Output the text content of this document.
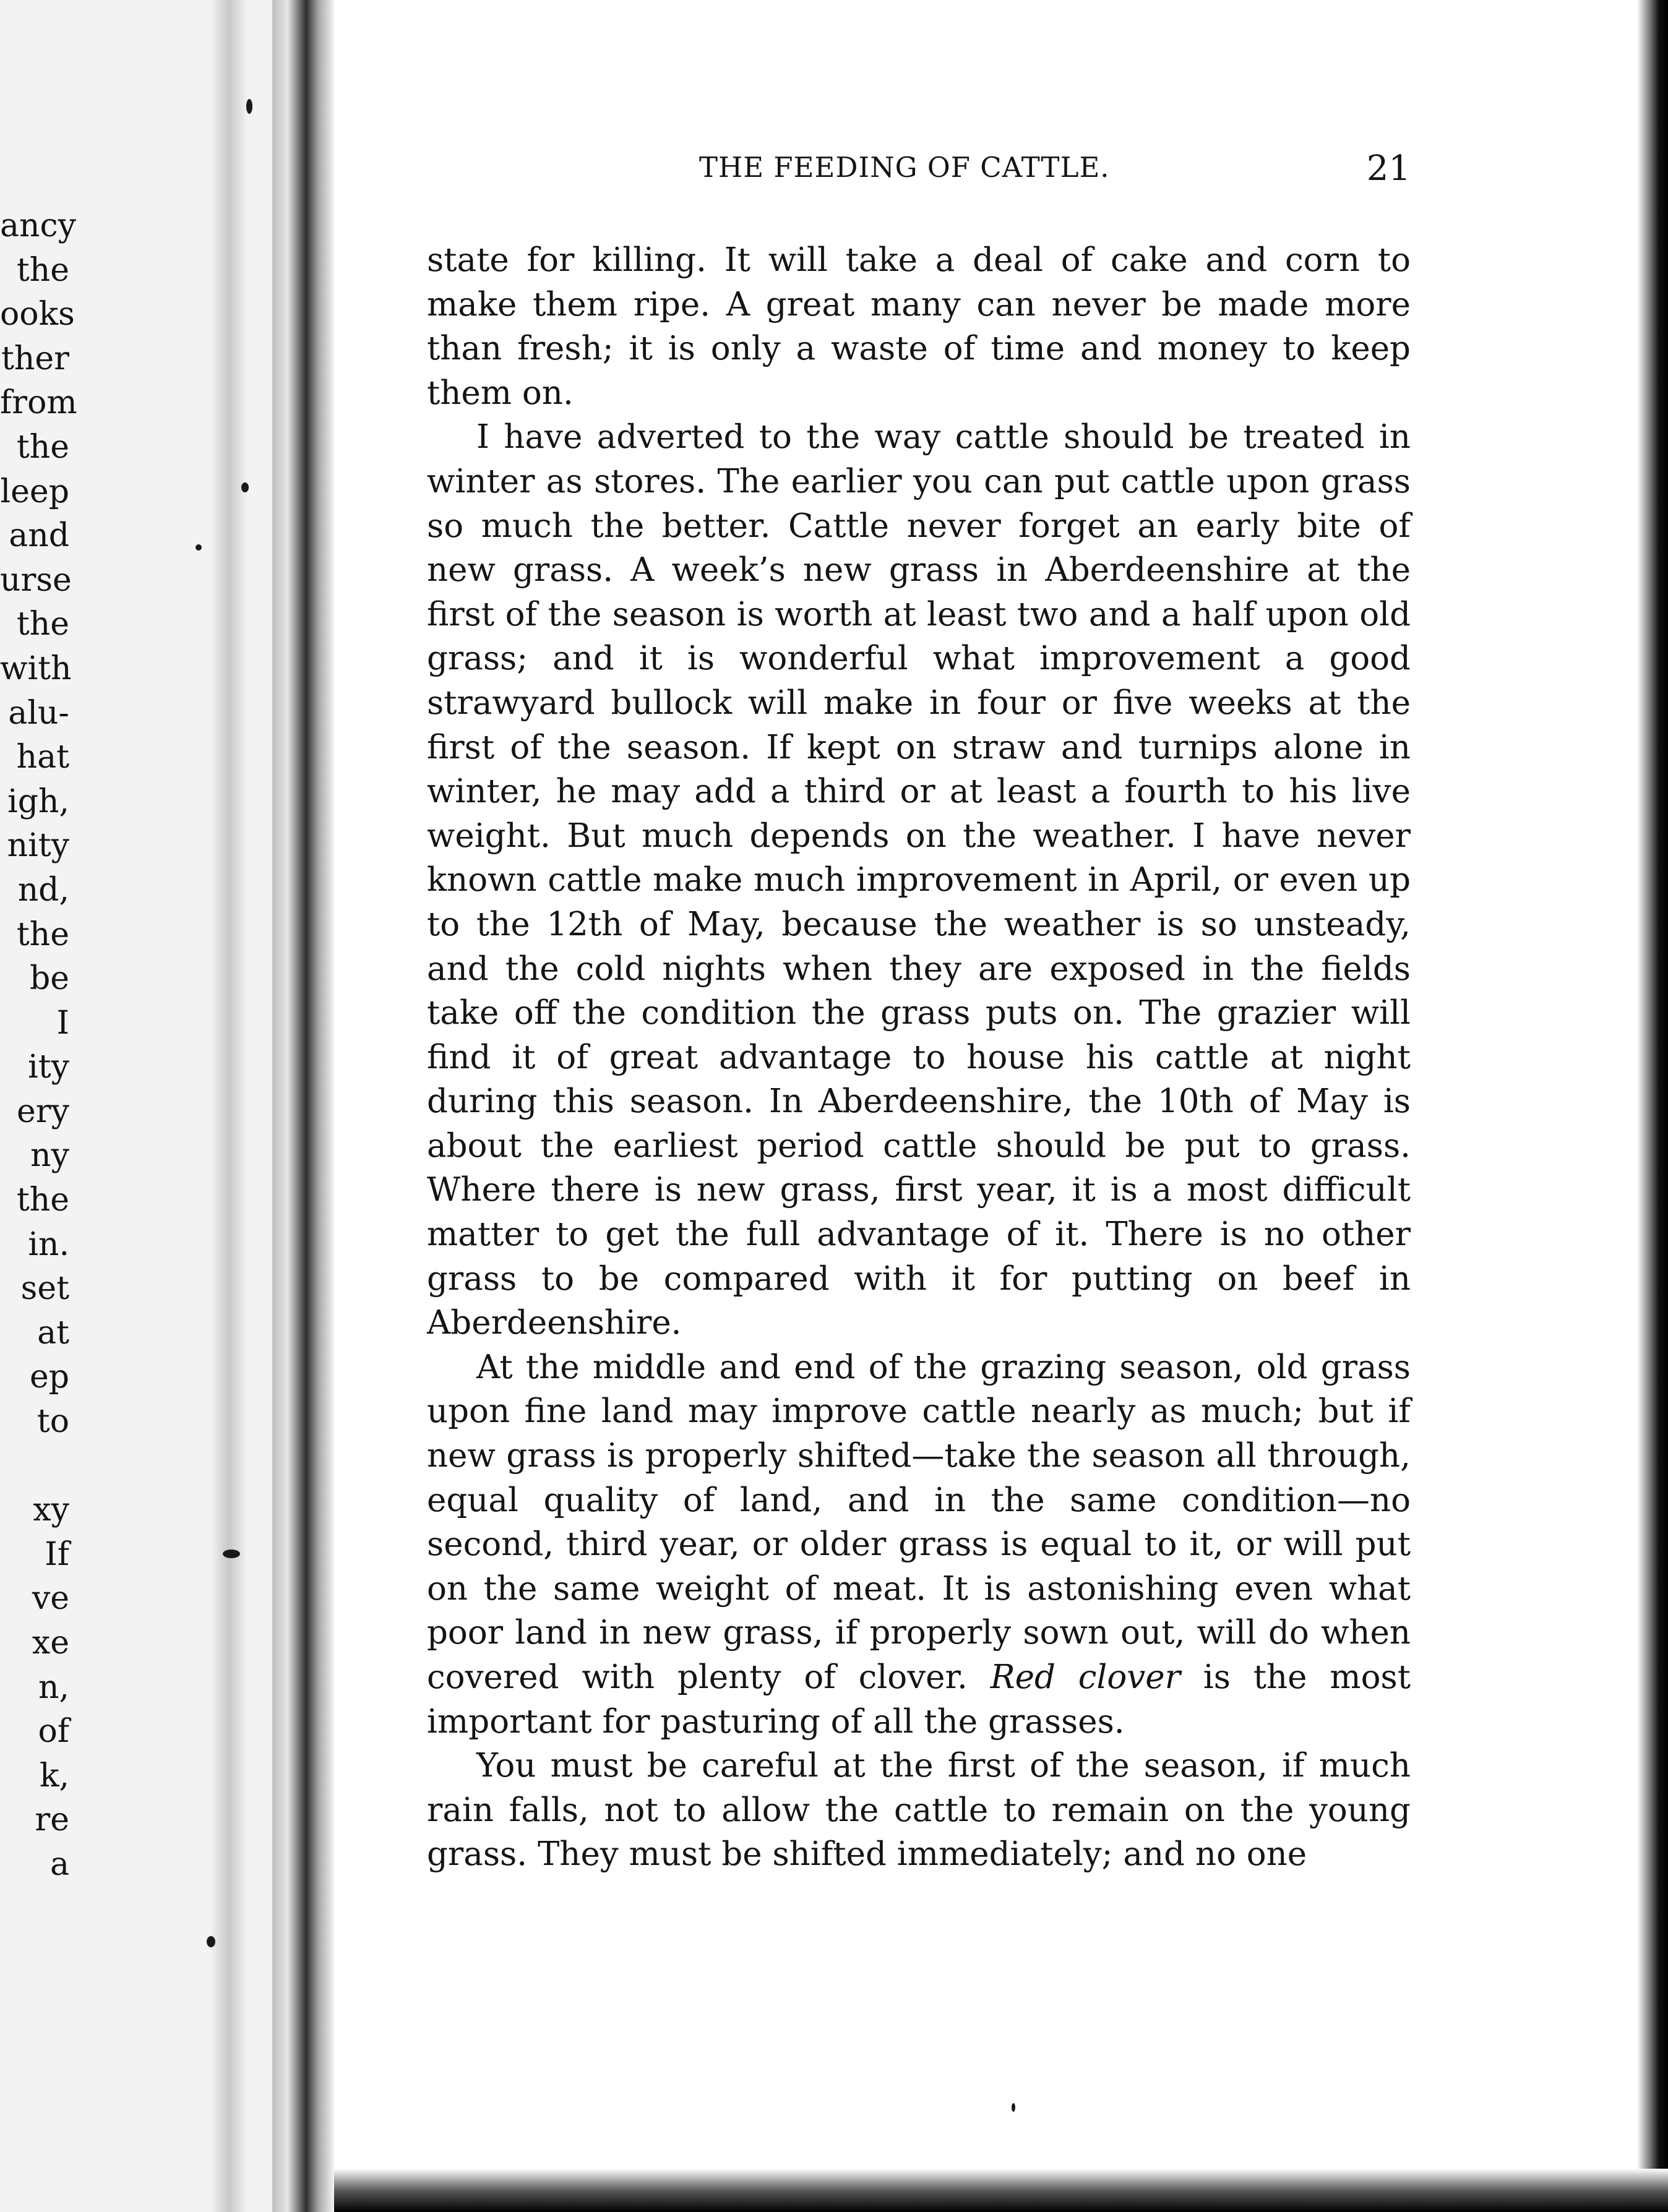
ancy
the
ooks
ther
from
the
leep
and
urse
the
with
alu-
hat
igh,
nity
nd,
the
be
I
ity
ery
ny
the
in.
set
at
ep
to
xy
If
ve
xe
n,
of
k,
re
a
THE FEEDING OF CATTLE.	21

state for killing. It will take a deal of cake and corn to make them ripe. A great many can never be made more than fresh; it is only a waste of time and money to keep them on.

I have adverted to the way cattle should be treated in winter as stores. The earlier you can put cattle upon grass so much the better. Cattle never forget an early bite of new grass. A week’s new grass in Aberdeenshire at the first of the season is worth at least two and a half upon old grass; and it is wonderful what improvement a good strawyard bullock will make in four or five weeks at the first of the season. If kept on straw and turnips alone in winter, he may add a third or at least a fourth to his live weight. But much depends on the weather. I have never known cattle make much improvement in April, or even up to the 12th of May, because the weather is so unsteady, and the cold nights when they are exposed in the fields take off the condition the grass puts on. The grazier will find it of great advantage to house his cattle at night during this season. In Aberdeenshire, the 10th of May is about the earliest period cattle should be put to grass. Where there is new grass, first year, it is a most difficult matter to get the full advantage of it. There is no other grass to be compared with it for putting on beef in Aberdeenshire.

At the middle and end of the grazing season, old grass upon fine land may improve cattle nearly as much; but if new grass is properly shifted—take the season all through, equal quality of land, and in the same condition—no second, third year, or older grass is equal to it, or will put on the same weight of meat. It is astonishing even what poor land in new grass, if properly sown out, will do when covered with plenty of clover. Red clover is the most important for pasturing of all the grasses.

You must be careful at the first of the season, if much rain falls, not to allow the cattle to remain on the young grass. They must be shifted immediately; and no one
